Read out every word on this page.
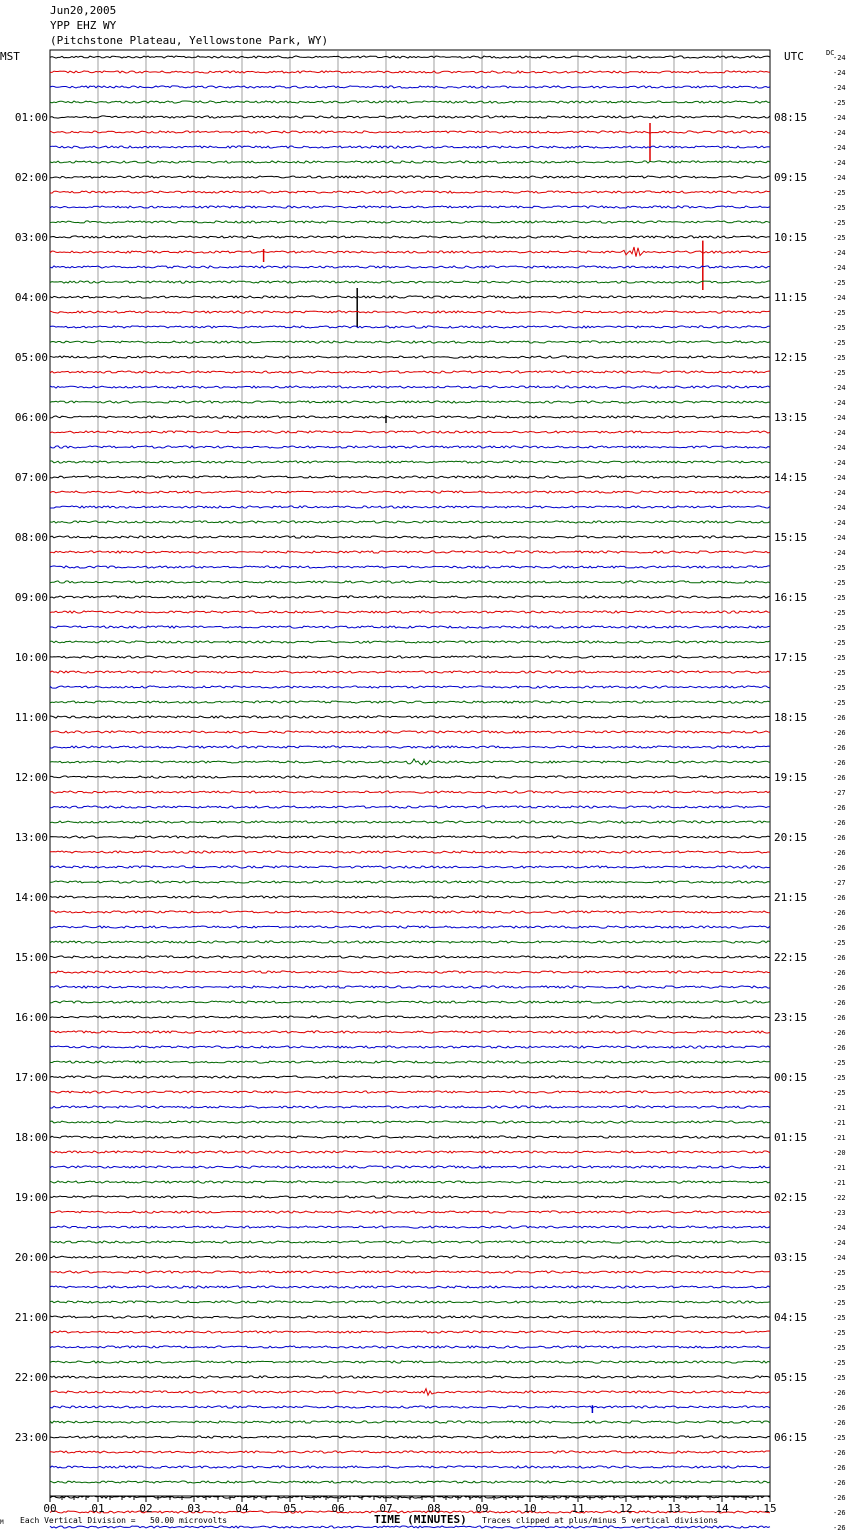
Jun20,2005
YPP EHZ WY
(Pitchstone Plateau, Yellowstone Park, WY)
MST	UTC	DC
00	01	02	03	04	05	06	07	08	09	10	11	12	13	14	15
01:00
02:00
03:00
04:00
05:00
06:00
07:00
08:00
09:00
10:00
11:00
12:00
13:00
14:00
15:00
16:00
17:00
18:00
19:00
20:00
21:00
22:00
23:00
08:15
09:15
10:15
11:15
12:15
13:15
14:15
15:15
16:15
17:15
18:15
19:15
20:15
21:15
22:15
23:15
00:15
01:15
02:15
03:15
04:15
05:15
06:15
-24
-24
-24
-25
-24
-24
-24
-24
-24
-25
-25
-25
-25
-24
-24
-25
-24
-25
-25
-25
-25
-25
-24
-24
-24
-24
-24
-24
-24
-24
-24
-24
-24
-24
-25
-25
-25
-25
-25
-25
-25
-25
-25
-25
-26
-26
-26
-26
-26
-27
-26
-26
-26
-26
-26
-27
-26
-26
-26
-25
-26
-26
-26
-26
-26
-26
-26
-25
-25
-25
-21
-21
-21
-20
-21
-21
-22
-23
-24
-24
-24
-25
-25
-25
-25
-25
-25
-25
-25
-26
-26
-26
-25
-26
-26
-26
-26
-26
-26
TIME (MINUTES)
M Each Vertical Division =   50.00 microvolts	Traces clipped at plus/minus 5 vertical divisions
